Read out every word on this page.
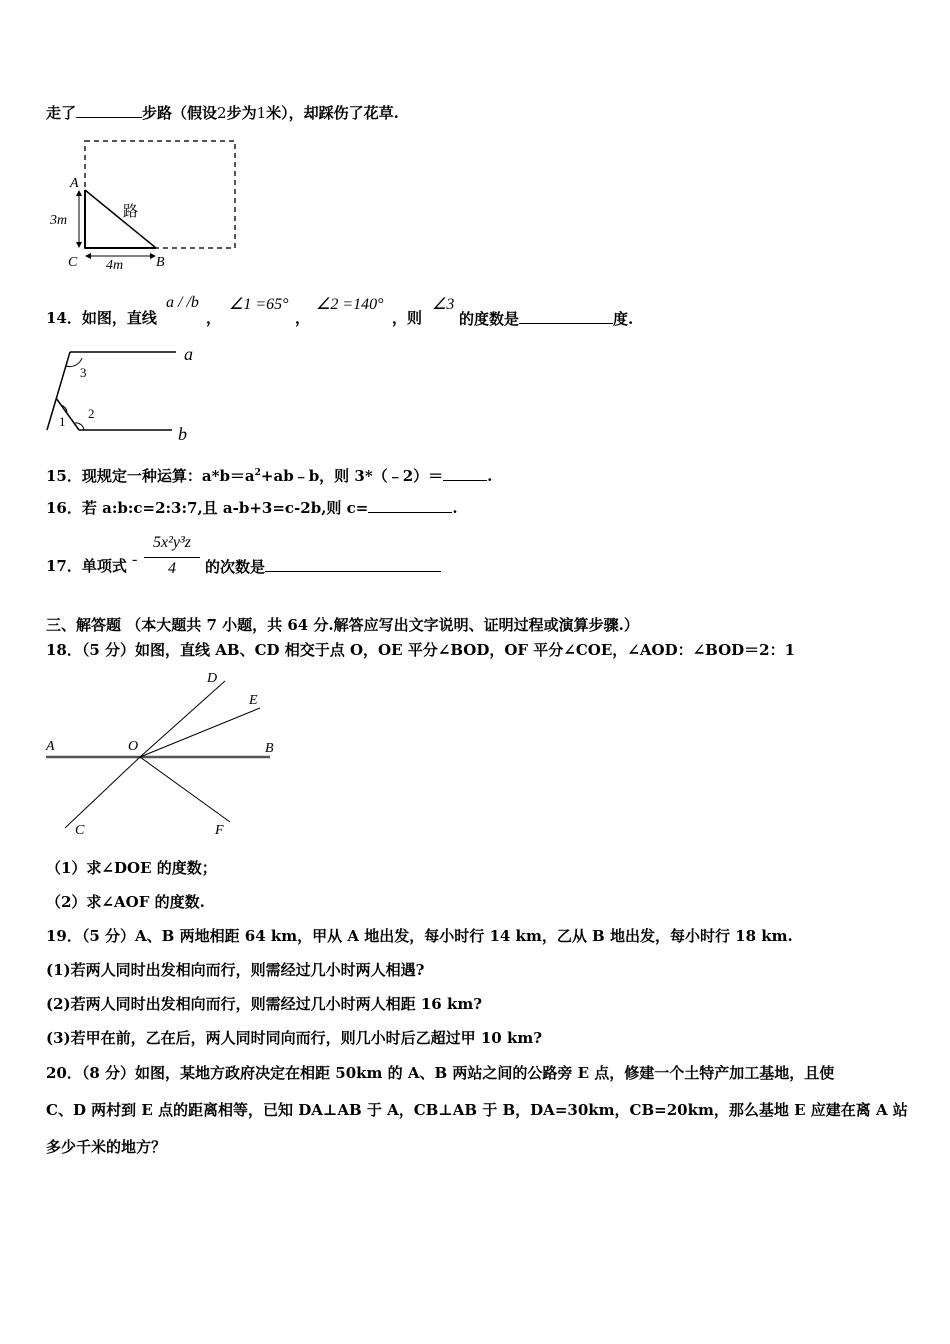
走了	步路（假设2步为1米），却踩伤了花草.
A
C	B
3m
4m
路
14．如图，直线
a / /b
，
∠1 =65°
，
∠2 =140°
，则
∠3
的度数是	度.
3
1
2
a
b
15．现规定一种运算：$a*b=a^2+ab﹣b$，则 3*（﹣2）＝	.
16．若 a:b:c=2:3:7,且 a-b+3=c-2b,则 c=	.
17．单项式 -
5x²y³z
4	的次数是
三、解答题 （本大题共 7 小题，共 64 分.解答应写出文字说明、证明过程或演算步骤.）
18．（5 分）如图，直线 AB、CD 相交于点 O，OE 平分∠BOD，OF 平分∠COE，∠AOD：∠BOD＝2：1
A	O	B
D
E
C	F
（1）求∠DOE 的度数；
（2）求∠AOF 的度数.
19．（5 分）A、B 两地相距 64 km，甲从 A 地出发，每小时行 14 km，乙从 B 地出发，每小时行 18 km.
(1)若两人同时出发相向而行，则需经过几小时两人相遇?
(2)若两人同时出发相向而行，则需经过几小时两人相距 16 km?
(3)若甲在前，乙在后，两人同时同向而行，则几小时后乙超过甲 10 km?
20．（8 分）如图，某地方政府决定在相距 50km 的 A、B 两站之间的公路旁 E 点，修建一个土特产加工基地，且使
C、D 两村到 E 点的距离相等，已知 DA⊥AB 于 A，CB⊥AB 于 B，DA=30km，CB=20km，那么基地 E 应建在离 A 站
多少千米的地方？
